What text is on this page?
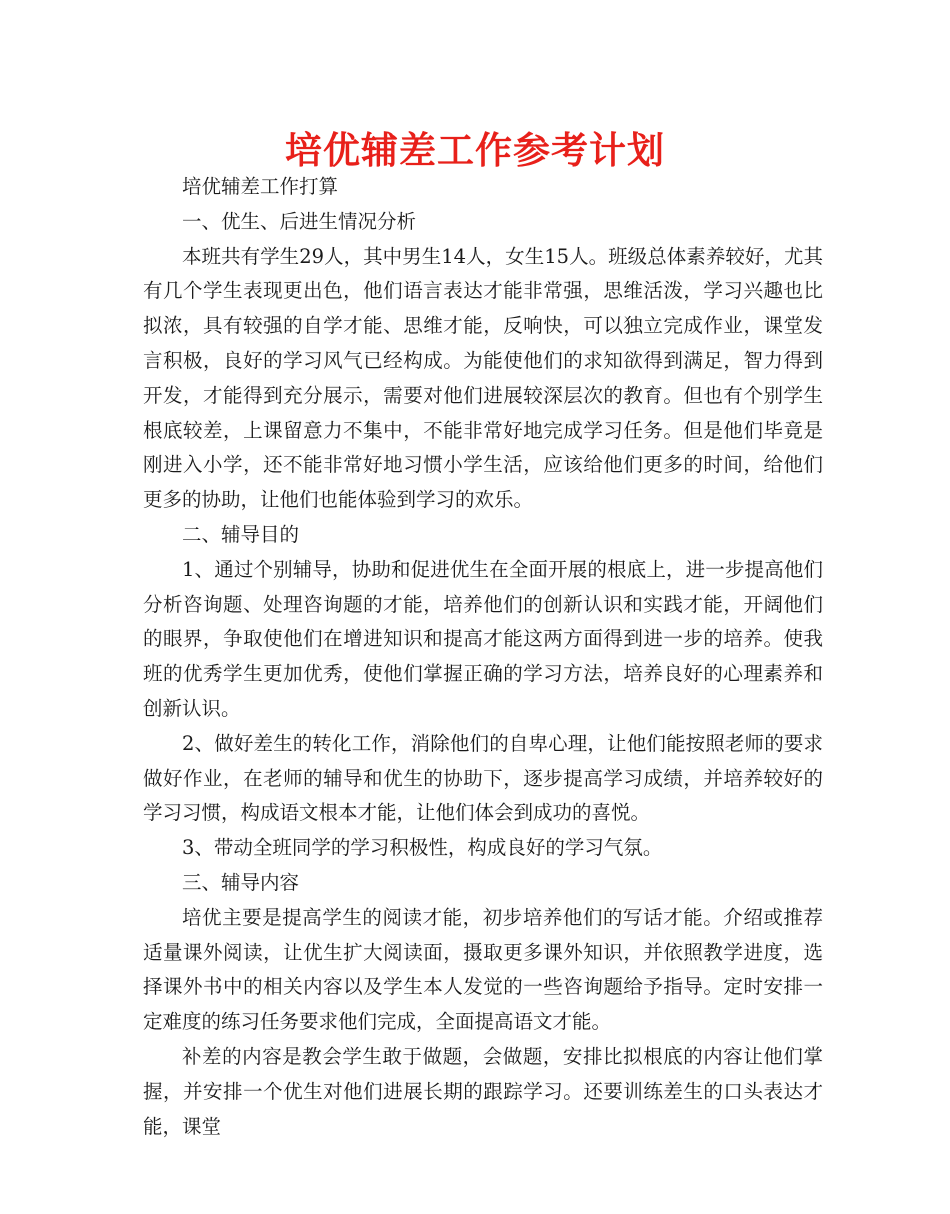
培优辅差工作参考计划

培优辅差工作打算

一、优生、后进生情况分析

本班共有学生29人，其中男生14人，女生15人。班级总体素养较好，尤其有几个学生表现更出色，他们语言表达才能非常强，思维活泼，学习兴趣也比拟浓，具有较强的自学才能、思维才能，反响快，可以独立完成作业，课堂发言积极，良好的学习风气已经构成。为能使他们的求知欲得到满足，智力得到开发，才能得到充分展示，需要对他们进展较深层次的教育。但也有个别学生根底较差，上课留意力不集中，不能非常好地完成学习任务。但是他们毕竟是刚进入小学，还不能非常好地习惯小学生活，应该给他们更多的时间，给他们更多的协助，让他们也能体验到学习的欢乐。

二、辅导目的

1、通过个别辅导，协助和促进优生在全面开展的根底上，进一步提高他们分析咨询题、处理咨询题的才能，培养他们的创新认识和实践才能，开阔他们的眼界，争取使他们在增进知识和提高才能这两方面得到进一步的培养。使我班的优秀学生更加优秀，使他们掌握正确的学习方法，培养良好的心理素养和创新认识。

2、做好差生的转化工作，消除他们的自卑心理，让他们能按照老师的要求做好作业，在老师的辅导和优生的协助下，逐步提高学习成绩，并培养较好的学习习惯，构成语文根本才能，让他们体会到成功的喜悦。

3、带动全班同学的学习积极性，构成良好的学习气氛。

三、辅导内容

培优主要是提高学生的阅读才能，初步培养他们的写话才能。介绍或推荐适量课外阅读，让优生扩大阅读面，摄取更多课外知识，并依照教学进度，选择课外书中的相关内容以及学生本人发觉的一些咨询题给予指导。定时安排一定难度的练习任务要求他们完成，全面提高语文才能。

补差的内容是教会学生敢于做题，会做题，安排比拟根底的内容让他们掌握，并安排一个优生对他们进展长期的跟踪学习。还要训练差生的口头表达才能，课堂
